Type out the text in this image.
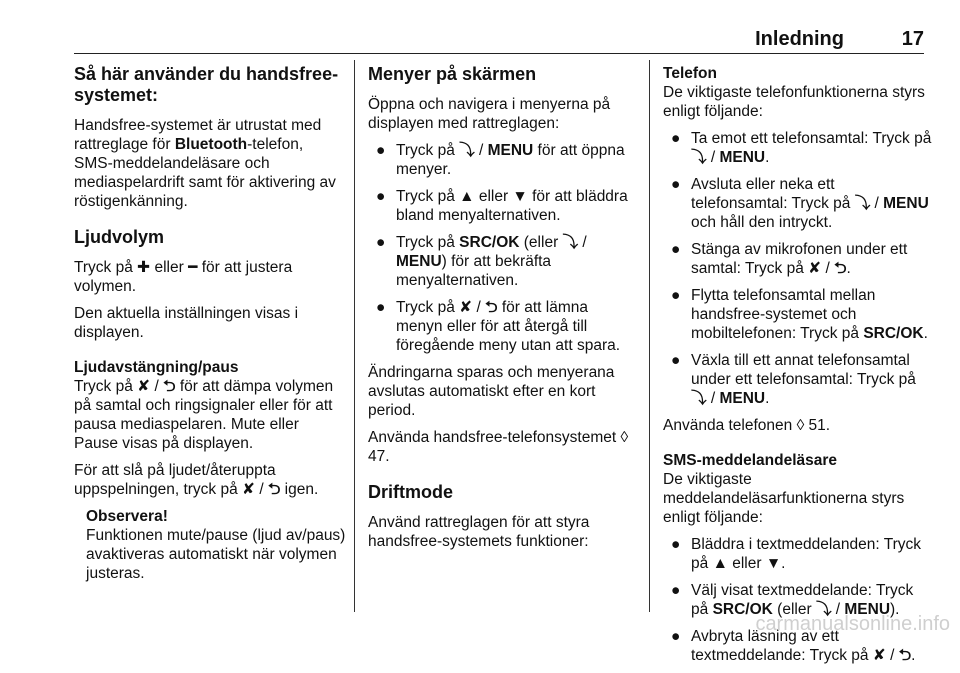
Inledning	17
Så här använder du handsfree-systemet:

Handsfree-systemet är utrustat med rattreglage för Bluetooth-telefon, SMS-meddelandeläsare och mediaspelardrift samt för aktivering av röstigenkänning.

Ljudvolym

Tryck på ✚ eller ━ för att justera volymen.

Den aktuella inställningen visas i displayen.

Ljudavstängning/paus

Tryck på ✘ / ⮌ för att dämpa volymen på samtal och ringsignaler eller för att pausa mediaspelaren. Mute eller Pause visas på displayen.

För att slå på ljudet/återuppta uppspelningen, tryck på ✘ / ⮌ igen.

Observera!

Funktionen mute/pause (ljud av/paus) avaktiveras automatiskt när volymen justeras.

Menyer på skärmen

Öppna och navigera i menyerna på displayen med rattreglagen:

● Tryck på ⤵ / MENU för att öppna menyer.
● Tryck på ▲ eller ▼ för att bläddra bland menyalternativen.
● Tryck på SRC/OK (eller ⤵ / MENU) för att bekräfta menyalternativen.
● Tryck på ✘ / ⮌ för att lämna menyn eller för att återgå till föregående meny utan att spara.

Ändringarna sparas och menyerana avslutas automatiskt efter en kort period.

Använda handsfree-telefonsystemet ◊ 47.

Driftmode

Använd rattreglagen för att styra handsfree-systemets funktioner:

Telefon

De viktigaste telefonfunktionerna styrs enligt följande:

● Ta emot ett telefonsamtal: Tryck på ⤵ / MENU.
● Avsluta eller neka ett telefonsamtal: Tryck på ⤵ / MENU och håll den intryckt.
● Stänga av mikrofonen under ett samtal: Tryck på ✘ / ⮌.
● Flytta telefonsamtal mellan handsfree-systemet och mobiltelefonen: Tryck på SRC/OK.
● Växla till ett annat telefonsamtal under ett telefonsamtal: Tryck på ⤵ / MENU.

Använda telefonen ◊ 51.

SMS-meddelandeläsare

De viktigaste meddelandeläsarfunktionerna styrs enligt följande:

● Bläddra i textmeddelanden: Tryck på ▲ eller ▼.
● Välj visat textmeddelande: Tryck på SRC/OK (eller ⤵ / MENU).
● Avbryta läsning av ett textmeddelande: Tryck på ✘ / ⮌.
carmanualsonline.info
